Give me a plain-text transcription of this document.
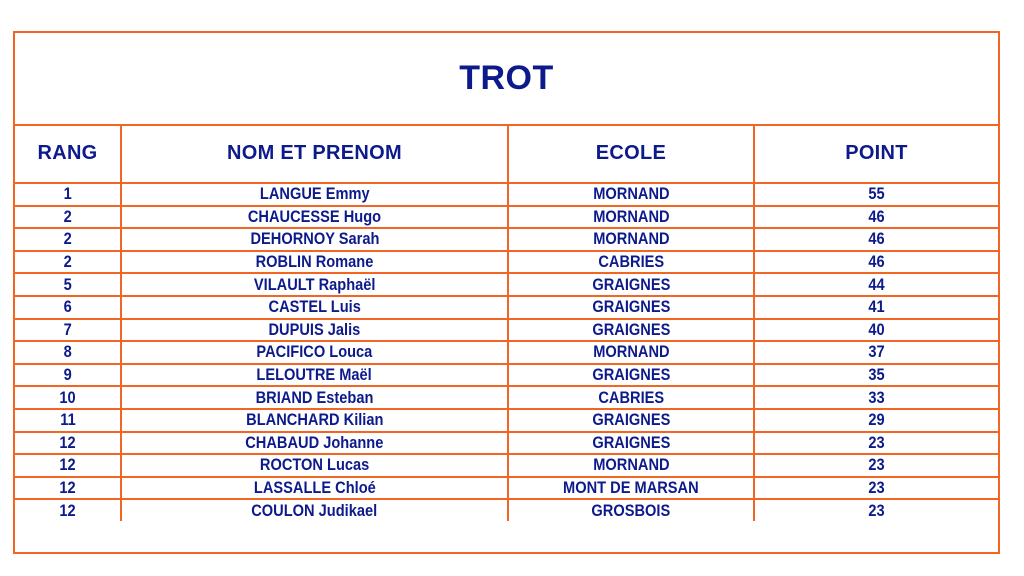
TROT
RANG	NOM ET PRENOM	ECOLE	POINT
1	LANGUE Emmy	MORNAND	55
2	CHAUCESSE Hugo	MORNAND	46
2	DEHORNOY Sarah	MORNAND	46
2	ROBLIN Romane	CABRIES	46
5	VILAULT Raphaël	GRAIGNES	44
6	CASTEL Luis	GRAIGNES	41
7	DUPUIS Jalis	GRAIGNES	40
8	PACIFICO Louca	MORNAND	37
9	LELOUTRE Maël	GRAIGNES	35
10	BRIAND Esteban	CABRIES	33
11	BLANCHARD Kilian	GRAIGNES	29
12	CHABAUD Johanne	GRAIGNES	23
12	ROCTON Lucas	MORNAND	23
12	LASSALLE Chloé	MONT DE MARSAN	23
12	COULON Judikael	GROSBOIS	23
